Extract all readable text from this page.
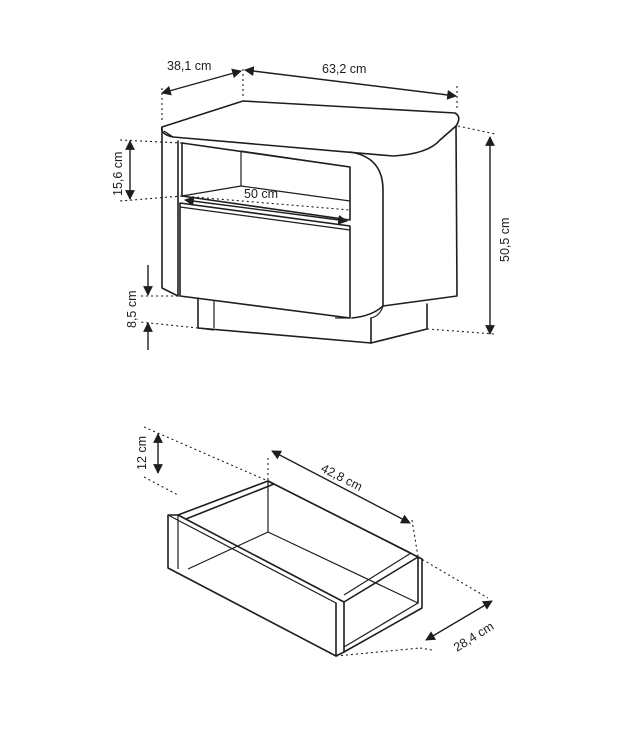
38,1 cm	63,2 cm
50,5 cm
15,6 cm	50 cm
8,5 cm
12 cm
42,8 cm
28,4 cm
